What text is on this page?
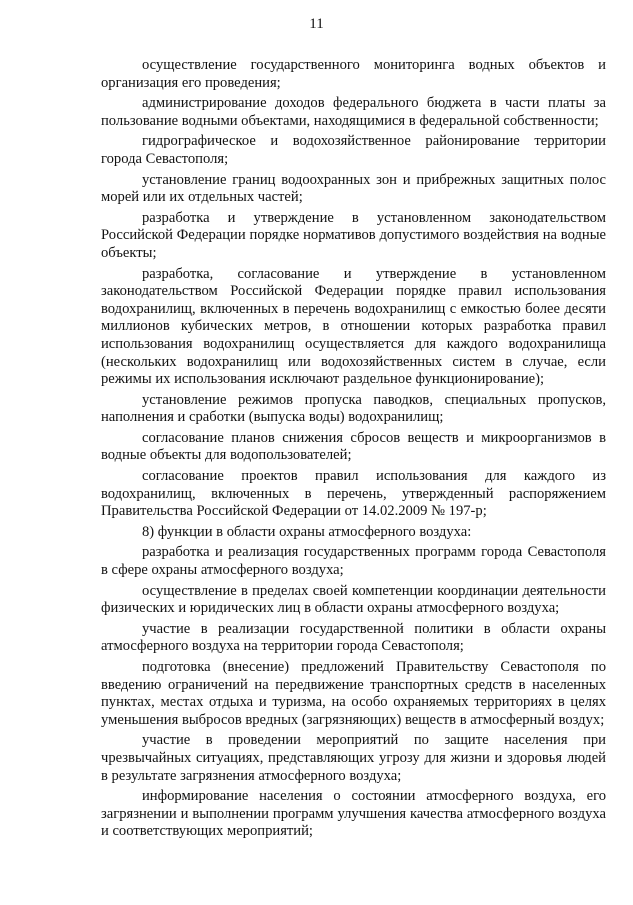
11

осуществление государственного мониторинга водных объектов и организация его проведения;

администрирование доходов федерального бюджета в части платы за пользование водными объектами, находящимися в федеральной собственности;

гидрографическое и водохозяйственное районирование территории города Севастополя;

установление границ водоохранных зон и прибрежных защитных полос морей или их отдельных частей;

разработка и утверждение в установленном законодательством Российской Федерации порядке нормативов допустимого воздействия на водные объекты;

разработка, согласование и утверждение в установленном законодательством Российской Федерации порядке правил использования водохранилищ, включенных в перечень водохранилищ с емкостью более десяти миллионов кубических метров, в отношении которых разработка правил использования водохранилищ осуществляется для каждого водохранилища (нескольких водохранилищ или водохозяйственных систем в случае, если режимы их использования исключают раздельное функционирование);

установление режимов пропуска паводков, специальных пропусков, наполнения и сработки (выпуска воды) водохранилищ;

согласование планов снижения сбросов веществ и микроорганизмов в водные объекты для водопользователей;

согласование проектов правил использования для каждого из водохранилищ, включенных в перечень, утвержденный распоряжением Правительства Российской Федерации от 14.02.2009 № 197-р;

8) функции в области охраны атмосферного воздуха:

разработка и реализация государственных программ города Севастополя в сфере охраны атмосферного воздуха;

осуществление в пределах своей компетенции координации деятельности физических и юридических лиц в области охраны атмосферного воздуха;

участие в реализации государственной политики в области охраны атмосферного воздуха на территории города Севастополя;

подготовка (внесение) предложений Правительству Севастополя по введению ограничений на передвижение транспортных средств в населенных пунктах, местах отдыха и туризма, на особо охраняемых территориях в целях уменьшения выбросов вредных (загрязняющих) веществ в атмосферный воздух;

участие в проведении мероприятий по защите населения при чрезвычайных ситуациях, представляющих угрозу для жизни и здоровья людей в результате загрязнения атмосферного воздуха;

информирование населения о состоянии атмосферного воздуха, его загрязнении и выполнении программ улучшения качества атмосферного воздуха и соответствующих мероприятий;
